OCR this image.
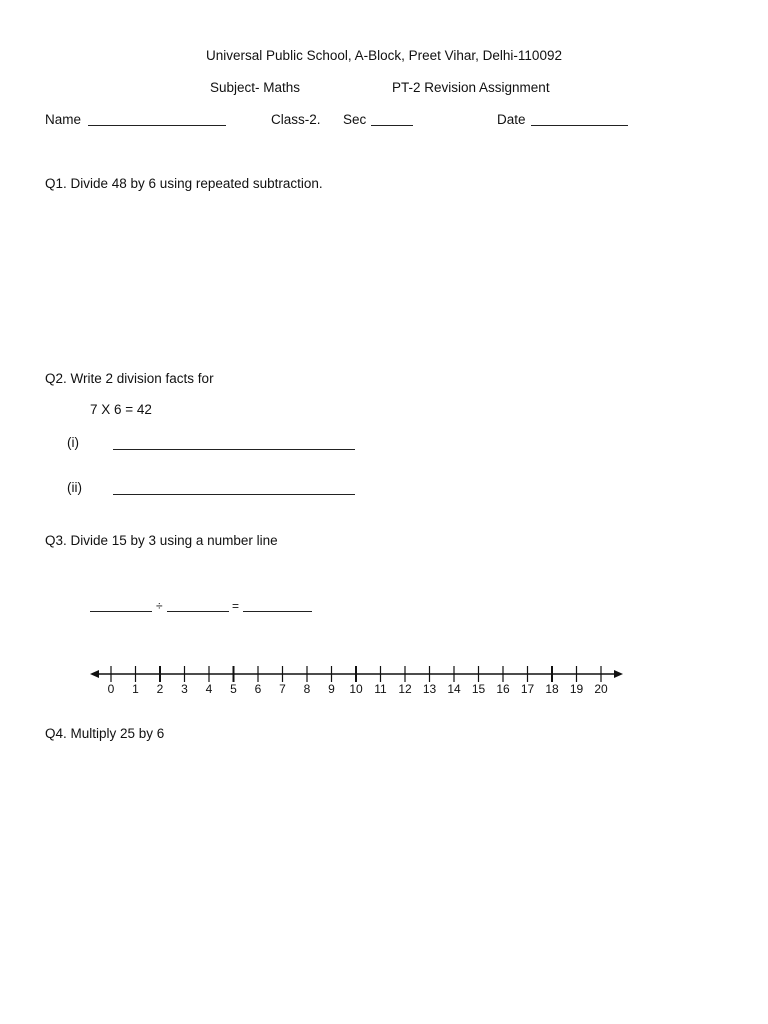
Universal Public School, A-Block, Preet Vihar, Delhi-110092
Subject- Maths	PT-2 Revision Assignment
Name	Class-2. Sec	Date
Q1. Divide 48 by 6 using repeated subtraction.
Q2. Write 2 division facts for
7 X 6 = 42
(i)
(ii)
Q3. Divide 15 by 3 using a number line
÷	=
0 1 2 3 4 5 6 7 8 9 10 11 12 13 14 15 16 17 18 19 20
Q4. Multiply 25 by 6
